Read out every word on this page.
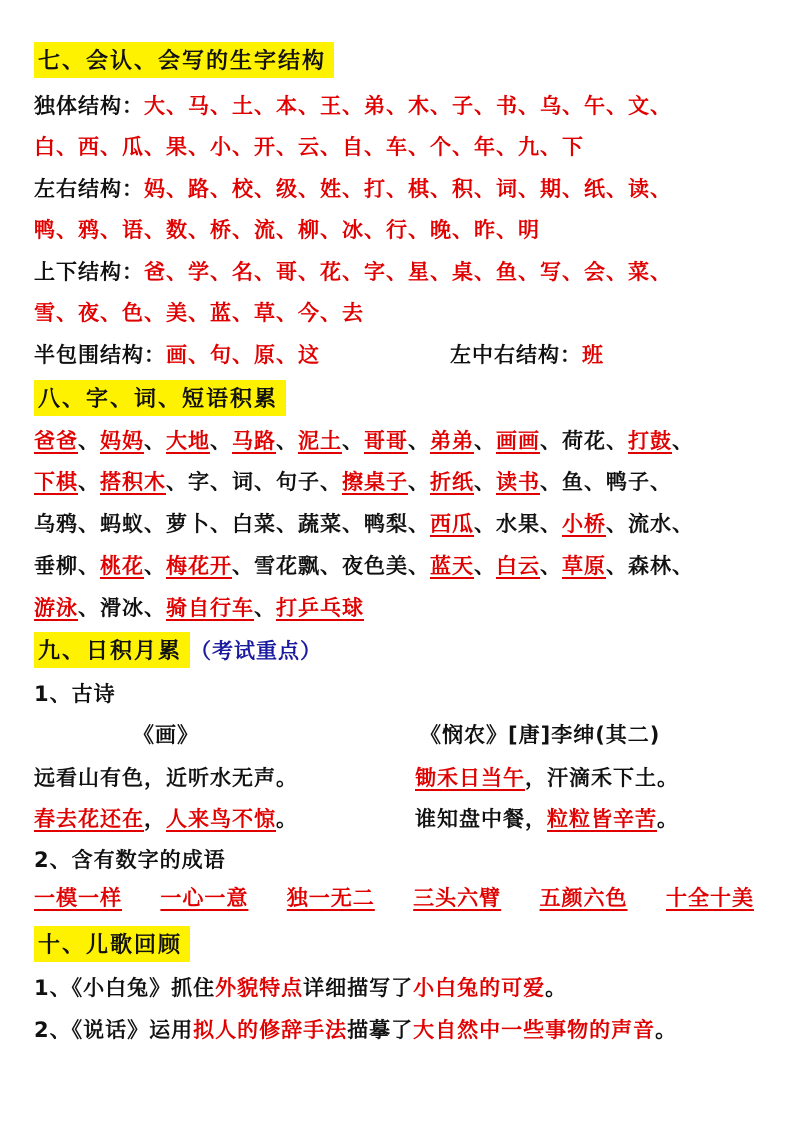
七、会认、会写的生字结构
独体结构：大、马、土、本、王、弟、木、子、书、乌、午、文、
白、西、瓜、果、小、开、云、自、车、个、年、九、下
左右结构：妈、路、校、级、姓、打、棋、积、词、期、纸、读、
鸭、鸦、语、数、桥、流、柳、冰、行、晚、昨、明
上下结构：爸、学、名、哥、花、字、星、桌、鱼、写、会、菜、
雪、夜、色、美、蓝、草、今、去
半包围结构：画、句、原、这	左中右结构：班
八、字、词、短语积累
爸爸、妈妈、大地、马路、泥土、哥哥、弟弟、画画、荷花、打鼓、
下棋、搭积木、字、词、句子、擦桌子、折纸、读书、鱼、鸭子、
乌鸦、蚂蚁、萝卜、白菜、蔬菜、鸭梨、西瓜、水果、小桥、流水、
垂柳、桃花、梅花开、雪花飘、夜色美、蓝天、白云、草原、森林、
游泳、滑冰、骑自行车、打乒乓球
九、日积月累 （考试重点）
1、古诗
《画》	《悯农》[唐]李绅(其二)
远看山有色，近听水无声。	锄禾日当午，汗滴禾下土。
春去花还在，人来鸟不惊。	谁知盘中餐，粒粒皆辛苦。
2、含有数字的成语
一模一样 一心一意 独一无二 三头六臂 五颜六色 十全十美
十、儿歌回顾
1、《小白兔》抓住外貌特点详细描写了小白兔的可爱。
2、《说话》运用拟人的修辞手法描摹了大自然中一些事物的声音。
